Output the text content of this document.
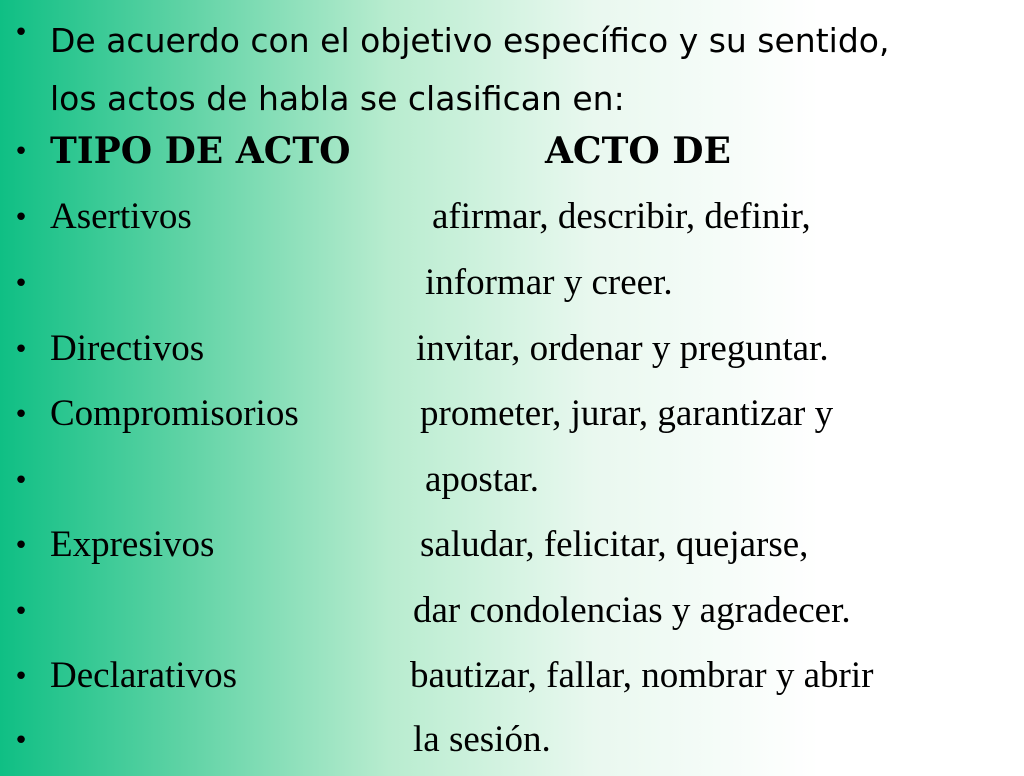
• De acuerdo con el objetivo específico y su sentido,
los actos de habla se clasifican en:
• TIPO DE ACTO	ACTO DE
• Asertivos	afirmar, describir, definir,
•	informar y creer.
• Directivos	invitar, ordenar y preguntar.
• Compromisorios	prometer, jurar, garantizar y
•	apostar.
• Expresivos	saludar, felicitar, quejarse,
•	dar condolencias y agradecer.
• Declarativos	bautizar, fallar, nombrar y abrir
•	la sesión.
